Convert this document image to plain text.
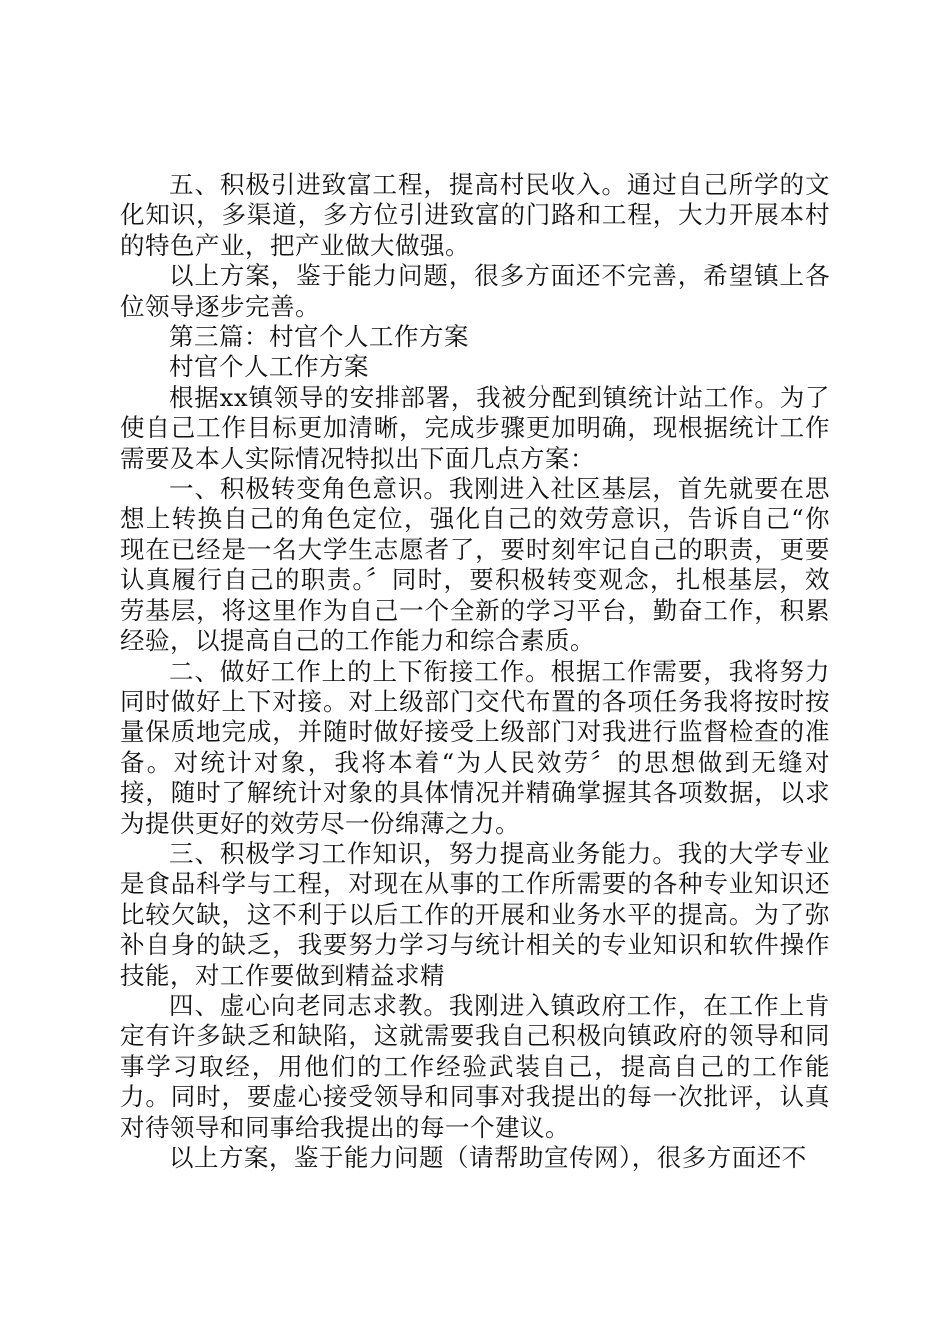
五、积极引进致富工程，提高村民收入。通过自己所学的文化知识，多渠道，多方位引进致富的门路和工程，大力开展本村的特色产业，把产业做大做强。

以上方案，鉴于能力问题，很多方面还不完善，希望镇上各位领导逐步完善。

第三篇：村官个人工作方案

村官个人工作方案

根据xx镇领导的安排部署，我被分配到镇统计站工作。为了使自己工作目标更加清晰，完成步骤更加明确，现根据统计工作需要及本人实际情况特拟出下面几点方案：

一、积极转变角色意识。我刚进入社区基层，首先就要在思想上转换自己的角色定位，强化自己的效劳意识，告诉自己“你现在已经是一名大学生志愿者了，要时刻牢记自己的职责，更要认真履行自己的职责。〞同时，要积极转变观念，扎根基层，效劳基层，将这里作为自己一个全新的学习平台，勤奋工作，积累经验，以提高自己的工作能力和综合素质。

二、做好工作上的上下衔接工作。根据工作需要，我将努力同时做好上下对接。对上级部门交代布置的各项任务我将按时按量保质地完成，并随时做好接受上级部门对我进行监督检查的准备。对统计对象，我将本着“为人民效劳〞的思想做到无缝对接，随时了解统计对象的具体情况并精确掌握其各项数据，以求为提供更好的效劳尽一份绵薄之力。

三、积极学习工作知识，努力提高业务能力。我的大学专业是食品科学与工程，对现在从事的工作所需要的各种专业知识还比较欠缺，这不利于以后工作的开展和业务水平的提高。为了弥补自身的缺乏，我要努力学习与统计相关的专业知识和软件操作技能，对工作要做到精益求精

四、虚心向老同志求教。我刚进入镇政府工作，在工作上肯定有许多缺乏和缺陷，这就需要我自己积极向镇政府的领导和同事学习取经，用他们的工作经验武装自己，提高自己的工作能力。同时，要虚心接受领导和同事对我提出的每一次批评，认真对待领导和同事给我提出的每一个建议。

以上方案，鉴于能力问题（请帮助宣传网），很多方面还不
